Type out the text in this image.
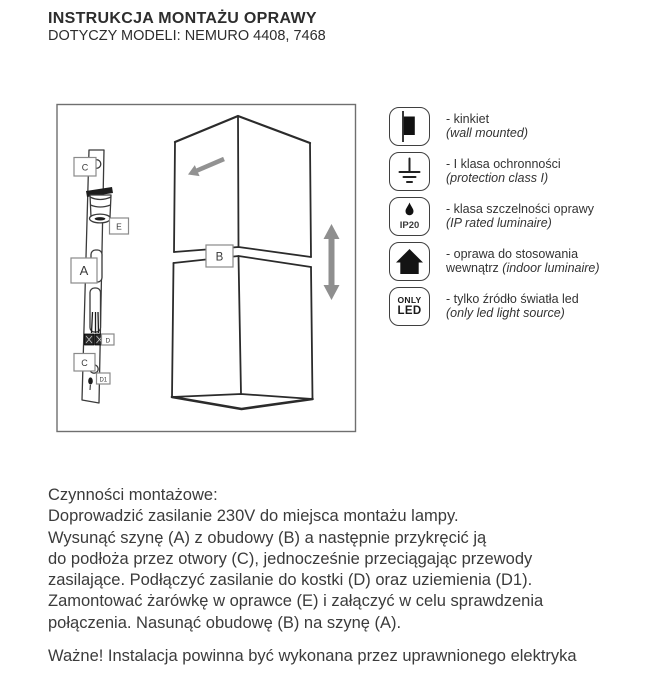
INSTRUKCJA MONTAŻU OPRAWY
DOTYCZY MODELI: NEMURO 4408, 7468
C
E
A
D
C
D1
B
- kinkiet
(wall mounted)
- I klasa ochronności
(protection class I)
IP20
- klasa szczelności oprawy
(IP rated luminaire)
- oprawa do stosowania
wewnątrz (indoor luminaire)
ONLY
LED
- tylko źródło światła led
(only led light source)
Czynności montażowe:
Doprowadzić zasilanie 230V do miejsca montażu lampy.
Wysunąć szynę (A) z obudowy (B) a następnie przykręcić ją
do podłoża przez otwory (C), jednocześnie przeciągając przewody
zasilające. Podłączyć zasilanie do kostki (D) oraz uziemienia (D1).
Zamontować żarówkę w oprawce (E) i załączyć w celu sprawdzenia
połączenia. Nasunąć obudowę (B) na szynę (A).
Ważne! Instalacja powinna być wykonana przez uprawnionego elektryka
